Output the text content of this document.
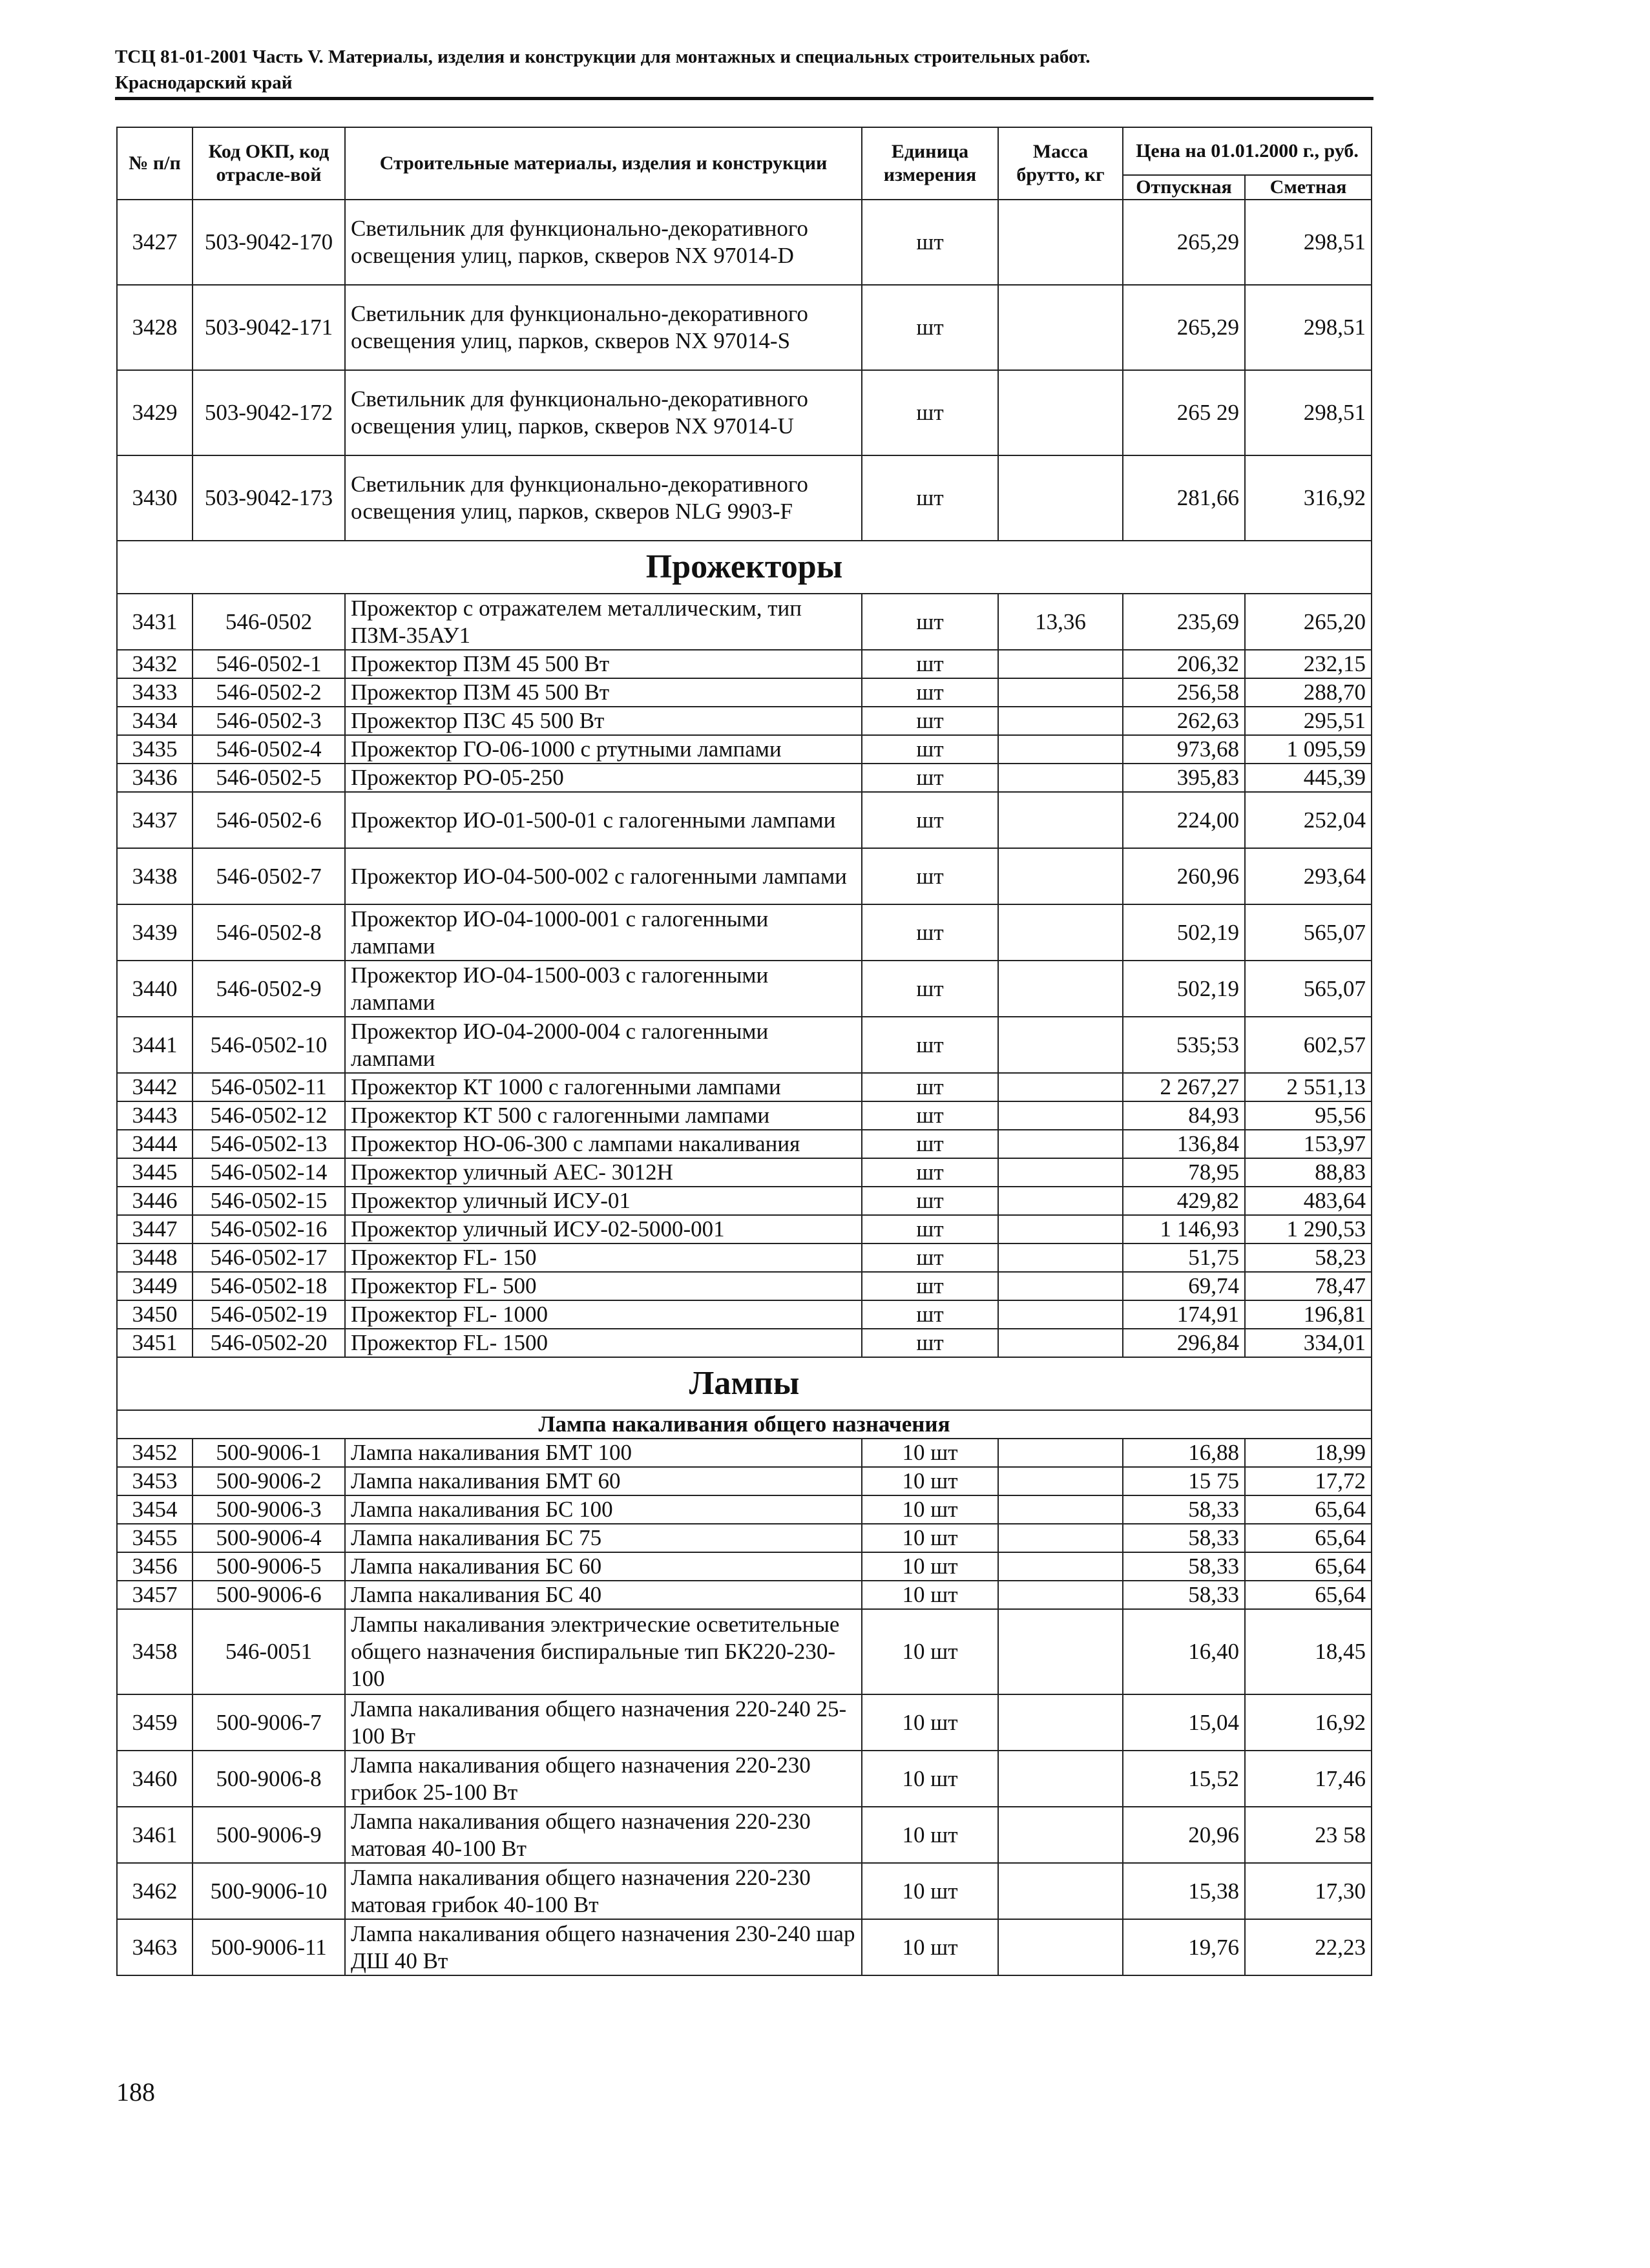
ТСЦ 81-01-2001 Часть V. Материалы, изделия и конструкции для монтажных и специальных строительных работ.
Краснодарский край
№ п/п	Код ОКП, код отрасле-вой	Строительные материалы, изделия и конструкции	Единица измерения	Масса брутто, кг	Цена на 01.01.2000 г., руб.	
					Отпускная	Сметная
3427	503-9042-170	Светильник для функционально-декоративного освещения улиц, парков, скверов NX 97014-D	шт		265,29	298,51
3428	503-9042-171	Светильник для функционально-декоративного освещения улиц, парков, скверов NX 97014-S	шт		265,29	298,51
3429	503-9042-172	Светильник для функционально-декоративного освещения улиц, парков, скверов NX 97014-U	шт		265 29	298,51
3430	503-9042-173	Светильник для функционально-декоративного освещения улиц, парков, скверов NLG 9903-F	шт		281,66	316,92
Прожекторы						
3431	546-0502	Прожектор с отражателем металлическим, тип ПЗМ-35АУ1	шт	13,36	235,69	265,20
3432	546-0502-1	Прожектор ПЗМ 45 500 Вт	шт		206,32	232,15
3433	546-0502-2	Прожектор ПЗМ 45 500 Вт	шт		256,58	288,70
3434	546-0502-3	Прожектор ПЗС 45 500 Вт	шт		262,63	295,51
3435	546-0502-4	Прожектор ГО-06-1000 с ртутными лампами	шт		973,68	1 095,59
3436	546-0502-5	Прожектор РО-05-250	шт		395,83	445,39
3437	546-0502-6	Прожектор ИО-01-500-01 с галогенными лампами	шт		224,00	252,04
3438	546-0502-7	Прожектор ИО-04-500-002 с галогенными лампами	шт		260,96	293,64
3439	546-0502-8	Прожектор ИО-04-1000-001 с галогенными лампами	шт		502,19	565,07
3440	546-0502-9	Прожектор ИО-04-1500-003 с галогенными лампами	шт		502,19	565,07
3441	546-0502-10	Прожектор ИО-04-2000-004 с галогенными лампами	шт		535;53	602,57
3442	546-0502-11	Прожектор КТ 1000 с галогенными лампами	шт		2 267,27	2 551,13
3443	546-0502-12	Прожектор КТ 500 с галогенными лампами	шт		84,93	95,56
3444	546-0502-13	Прожектор НО-06-300 с лампами накаливания	шт		136,84	153,97
3445	546-0502-14	Прожектор уличный АЕС- 3012Н	шт		78,95	88,83
3446	546-0502-15	Прожектор уличный ИСУ-01	шт		429,82	483,64
3447	546-0502-16	Прожектор уличный ИСУ-02-5000-001	шт		1 146,93	1 290,53
3448	546-0502-17	Прожектор FL- 150	шт		51,75	58,23
3449	546-0502-18	Прожектор FL- 500	шт		69,74	78,47
3450	546-0502-19	Прожектор FL- 1000	шт		174,91	196,81
3451	546-0502-20	Прожектор FL- 1500	шт		296,84	334,01
Лампы						
Лампа накаливания общего назначения						
3452	500-9006-1	Лампа накаливания БМТ 100	10 шт		16,88	18,99
3453	500-9006-2	Лампа накаливания БМТ 60	10 шт		15 75	17,72
3454	500-9006-3	Лампа накаливания БС 100	10 шт		58,33	65,64
3455	500-9006-4	Лампа накаливания БС 75	10 шт		58,33	65,64
3456	500-9006-5	Лампа накаливания БС 60	10 шт		58,33	65,64
3457	500-9006-6	Лампа накаливания БС 40	10 шт		58,33	65,64
3458	546-0051	Лампы накаливания электрические осветительные общего назначения биспиральные тип БК220-230-100	10 шт		16,40	18,45
3459	500-9006-7	Лампа накаливания общего назначения 220-240 25-100 Вт	10 шт		15,04	16,92
3460	500-9006-8	Лампа накаливания общего назначения 220-230 грибок 25-100 Вт	10 шт		15,52	17,46
3461	500-9006-9	Лампа накаливания общего назначения 220-230 матовая 40-100 Вт	10 шт		20,96	23 58
3462	500-9006-10	Лампа накаливания общего назначения 220-230 матовая грибок 40-100 Вт	10 шт		15,38	17,30
3463	500-9006-11	Лампа накаливания общего назначения 230-240 шар ДШ 40 Вт	10 шт		19,76	22,23
188
